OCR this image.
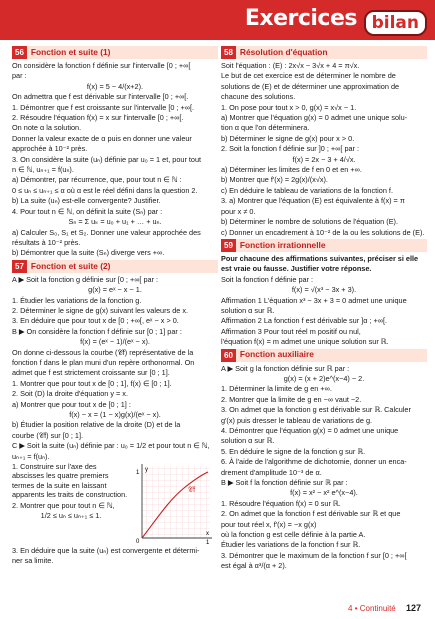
Exercices bilan
56 Fonction et suite (1)

On considère la fonction f définie sur l'intervalle [0 ; +∞[

par :

f(x) = 5 − 4/(x+2).

On admettra que f est dérivable sur l'intervalle [0 ; +∞[.

1. Démontrer que f est croissante sur l'intervalle [0 ; +∞[.

2. Résoudre l'équation f(x) = x sur l'intervalle [0 ; +∞[.

On note α la solution.

Donner la valeur exacte de α puis en donner une valeur

approchée à 10⁻² près.

3. On considère la suite (uₙ) définie par u₀ = 1 et, pour tout

n ∈ ℕ, uₙ₊₁ = f(uₙ).

a) Démontrer, par récurrence, que, pour tout n ∈ ℕ :

0 ≤ uₙ ≤ uₙ₊₁ ≤ α où α est le réel défini dans la question 2.

b) La suite (uₙ) est-elle convergente? Justifier.

4. Pour tout n ∈ ℕ, on définit la suite (Sₙ) par :

Sₙ = Σ uₖ = u₀ + u₁ + … + uₙ.

a) Calculer S₀, S₁ et S₂. Donner une valeur approchée des

résultats à 10⁻² près.

b) Démontrer que la suite (Sₙ) diverge vers +∞.

57 Fonction et suite (2)

A ▶ Soit la fonction g définie sur [0 ; +∞[ par :

g(x) = eˣ − x − 1.

1. Étudier les variations de la fonction g.

2. Déterminer le signe de g(x) suivant les valeurs de x.

3. En déduire que pour tout x de [0 ; +∞[, eˣ − x > 0.

B ▶ On considère la fonction f définie sur [0 ; 1] par :

f(x) = (eˣ − 1)/(eˣ − x).

On donne ci-dessous la courbe (𝒞f) représentative de la

fonction f dans le plan muni d'un repère orthonormal. On

admet que f est strictement croissante sur [0 ; 1].

1. Montrer que pour tout x de [0 ; 1], f(x) ∈ [0 ; 1].

2. Soit (D) la droite d'équation y = x.

a) Montrer que pour tout x de [0 ; 1] :

f(x) − x = (1 − x)g(x)/(eˣ − x).

b) Étudier la position relative de la droite (D) et de la

courbe (𝒞f) sur [0 ; 1].

C ▶ Soit la suite (uₙ) définie par : u₀ = 1/2 et pour tout n ∈ ℕ,

uₙ₊₁ = f(uₙ).

1. Construire sur l'axe des abscisses les quatre premiers termes de la suite en laissant apparents les traits de construction.

2. Montrer que pour tout n ∈ ℕ,

1/2 ≤ uₙ ≤ uₙ₊₁ ≤ 1.

𝒞f
y
x
0	1
1

3. En déduire que la suite (uₙ) est convergente et détermi-

ner sa limite.

58 Résolution d'équation

Soit l'équation : (E) : 2x√x − 3√x + 4 = π√x.

Le but de cet exercice est de déterminer le nombre de

solutions de (E) et de déterminer une approximation de

chacune des solutions.

1. On pose pour tout x > 0, g(x) = x√x − 1.

a) Montrer que l'équation g(x) = 0 admet une unique solu-

tion α que l'on déterminera.

b) Déterminer le signe de g(x) pour x > 0.

2. Soit la fonction f définie sur ]0 ; +∞[ par :

f(x) = 2x − 3 + 4/√x.

a) Déterminer les limites de f en 0 et en +∞.

b) Montrer que f′(x) = 2g(x)/(x√x).

c) En déduire le tableau de variations de la fonction f.

3. a) Montrer que l'équation (E) est équivalente à f(x) = π

pour x ≠ 0.

b) Déterminer le nombre de solutions de l'équation (E).

c) Donner un encadrement à 10⁻² de la ou les solutions de (E).

59 Fonction irrationnelle

Pour chacune des affirmations suivantes, préciser si elle

est vraie ou fausse. Justifier votre réponse.

Soit la fonction f définie par :

f(x) = √(x³ − 3x + 3).

Affirmation 1 L'équation x³ − 3x + 3 = 0 admet une unique

solution α sur ℝ.

Affirmation 2 La fonction f est dérivable sur ]α ; +∞[.

Affirmation 3 Pour tout réel m positif ou nul,

l'équation f(x) = m admet une unique solution sur ℝ.

60 Fonction auxiliaire

A ▶ Soit g la fonction définie sur ℝ par :

g(x) = (x + 2)e^(x−4) − 2.

1. Déterminer la limite de g en +∞.

2. Montrer que la limite de g en −∞ vaut −2.

3. On admet que la fonction g est dérivable sur ℝ. Calculer

g′(x) puis dresser le tableau de variations de g.

4. Démontrer que l'équation g(x) = 0 admet une unique

solution α sur ℝ.

5. En déduire le signe de la fonction g sur ℝ.

6. À l'aide de l'algorithme de dichotomie, donner un enca-

drement d'amplitude 10⁻³ de α.

B ▶ Soit f la fonction définie sur ℝ par :

f(x) = x² − x² e^(x−4).

1. Résoudre l'équation f(x) = 0 sur ℝ.

2. On admet que la fonction f est dérivable sur ℝ et que

pour tout réel x, f′(x) = −x g(x)

où la fonction g est celle définie à la partie A.

Étudier les variations de la fonction f sur ℝ.

3. Démontrer que le maximum de la fonction f sur [0 ; +∞[

est égal à α³/(α + 2).

4 • Continuité 127
